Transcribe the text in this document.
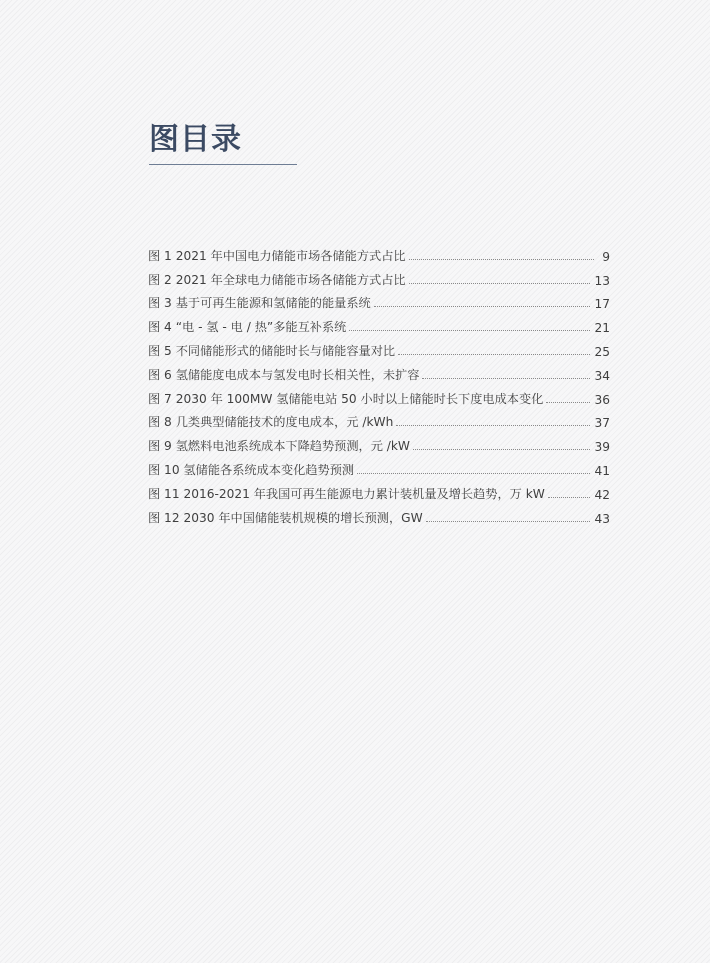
图目录
图 1 2021 年中国电力储能市场各储能方式占比	9
图 2 2021 年全球电力储能市场各储能方式占比	13
图 3 基于可再生能源和氢储能的能量系统	17
图 4 “电 - 氢 - 电 / 热”多能互补系统	21
图 5 不同储能形式的储能时长与储能容量对比	25
图 6 氢储能度电成本与氢发电时长相关性，未扩容	34
图 7 2030 年 100MW 氢储能电站 50 小时以上储能时长下度电成本变化	36
图 8 几类典型储能技术的度电成本，元 /kWh	37
图 9 氢燃料电池系统成本下降趋势预测，元 /kW	39
图 10 氢储能各系统成本变化趋势预测	41
图 11 2016-2021 年我国可再生能源电力累计装机量及增长趋势，万 kW	42
图 12 2030 年中国储能装机规模的增长预测，GW	43
